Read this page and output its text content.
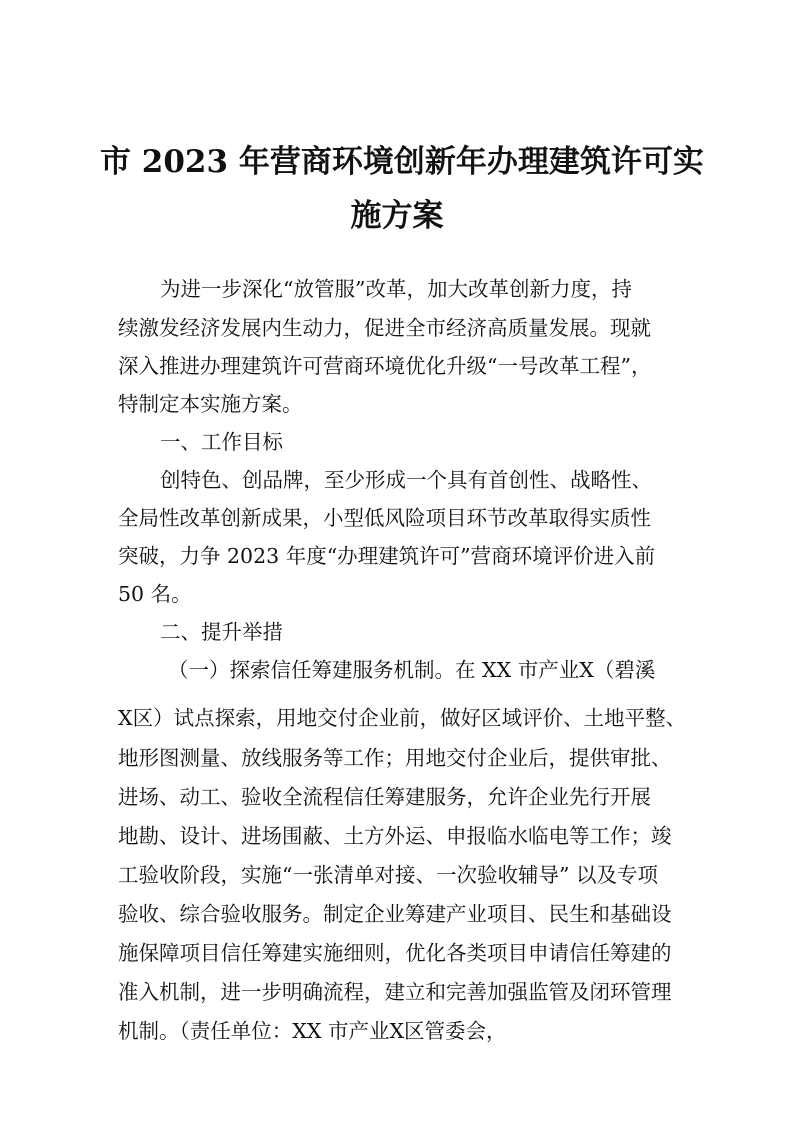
市 2023 年营商环境创新年办理建筑许可实
施方案
为进一步深化“放管服”改革，加大改革创新力度，持
续激发经济发展内生动力，促进全市经济高质量发展。现就
深入推进办理建筑许可营商环境优化升级“一号改革工程”，
特制定本实施方案。
一、工作目标
创特色、创品牌，至少形成一个具有首创性、战略性、
全局性改革创新成果，小型低风险项目环节改革取得实质性
突破，力争 2023 年度“办理建筑许可”营商环境评价进入前
50 名。
二、提升举措
（一）探索信任筹建服务机制。在 XX 市产业X（碧溪
X区）试点探索，用地交付企业前，做好区域评价、土地平整、
地形图测量、放线服务等工作；用地交付企业后，提供审批、
进场、动工、验收全流程信任筹建服务，允许企业先行开展
地勘、设计、进场围蔽、土方外运、申报临水临电等工作；竣
工验收阶段，实施“一张清单对接、一次验收辅导” 以及专项
验收、综合验收服务。制定企业筹建产业项目、民生和基础设
施保障项目信任筹建实施细则，优化各类项目申请信任筹建的
准入机制，进一步明确流程，建立和完善加强监管及闭环管理
机制。（责任单位：XX 市产业X区管委会，
